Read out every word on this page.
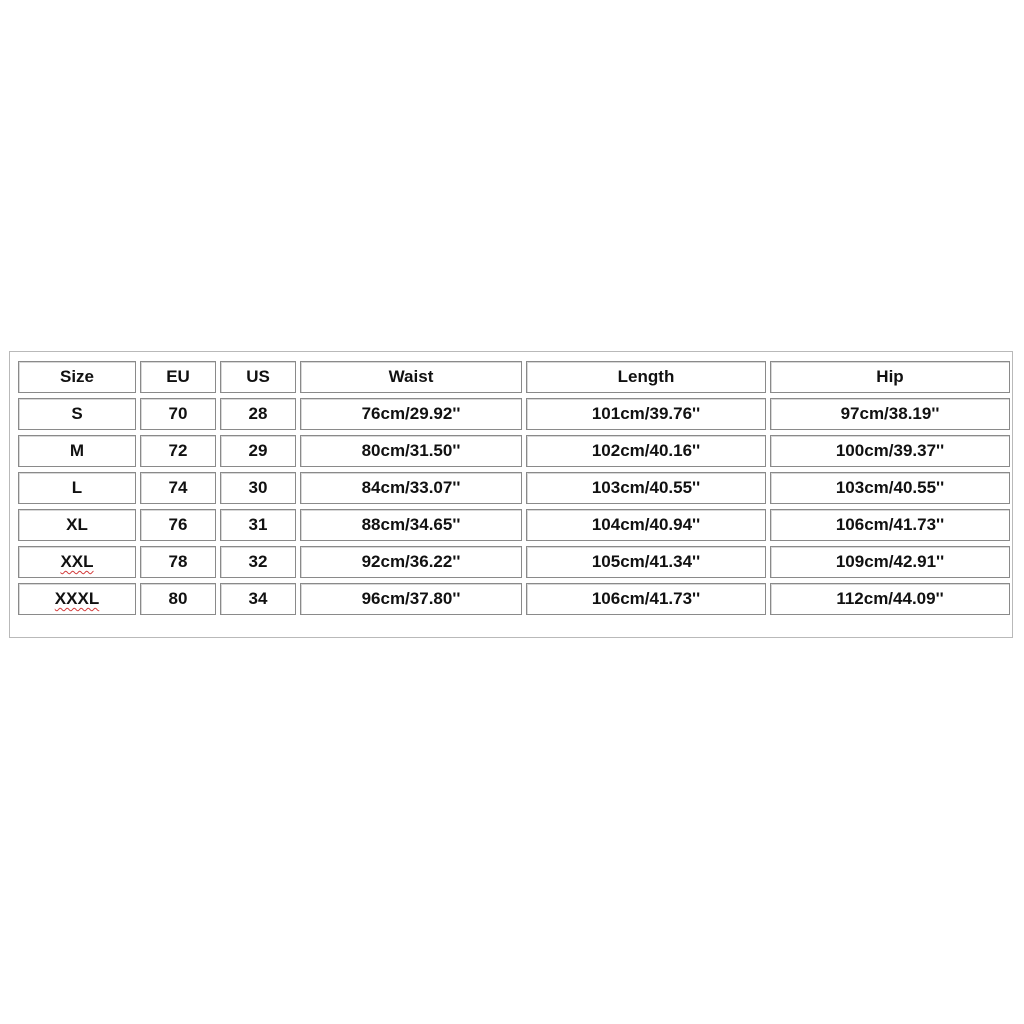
Size	EU	US	Waist	Length	Hip
S	70	28	76cm/29.92''	101cm/39.76''	97cm/38.19''
M	72	29	80cm/31.50''	102cm/40.16''	100cm/39.37''
L	74	30	84cm/33.07''	103cm/40.55''	103cm/40.55''
XL	76	31	88cm/34.65''	104cm/40.94''	106cm/41.73''
XXL	78	32	92cm/36.22''	105cm/41.34''	109cm/42.91''
XXXL	80	34	96cm/37.80''	106cm/41.73''	112cm/44.09''
